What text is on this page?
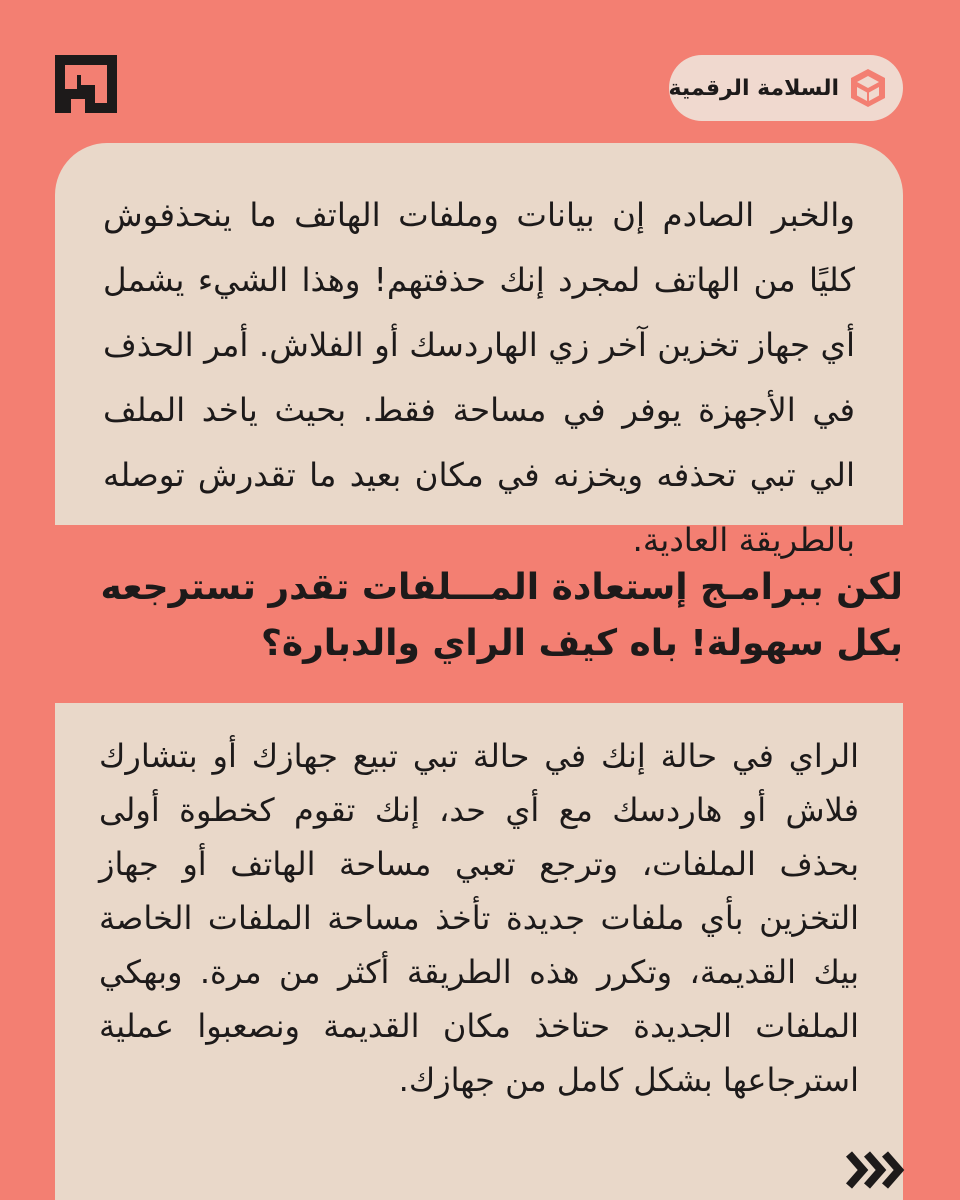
السلامة الرقمية

والخبر الصادم إن بيانات وملفات الهاتف ما ينحذفوش كليًا من الهاتف لمجرد إنك حذفتهم! وهذا الشيء يشمل أي جهاز تخزين آخر زي الهاردسك أو الفلاش. أمر الحذف في الأجهزة يوفر في مساحة فقط. بحيث ياخد الملف الي تبي تحذفه ويخزنه في مكان بعيد ما تقدرش توصله بالطريقة العادية.

لكن ببرامـج إستعادة المـــلفات تقدر تسترجعه بكل سهولة! باه كيف الراي والدبارة؟

الراي في حالة إنك في حالة تبي تبيع جهازك أو بتشارك فلاش أو هاردسك مع أي حد، إنك تقوم كخطوة أولى بحذف الملفات، وترجع تعبي مساحة الهاتف أو جهاز التخزين بأي ملفات جديدة تأخذ مساحة الملفات الخاصة بيك القديمة، وتكرر هذه الطريقة أكثر من مرة. وبهكي الملفات الجديدة حتاخذ مكان القديمة ونصعبوا عملية استرجاعها بشكل كامل من جهازك.
